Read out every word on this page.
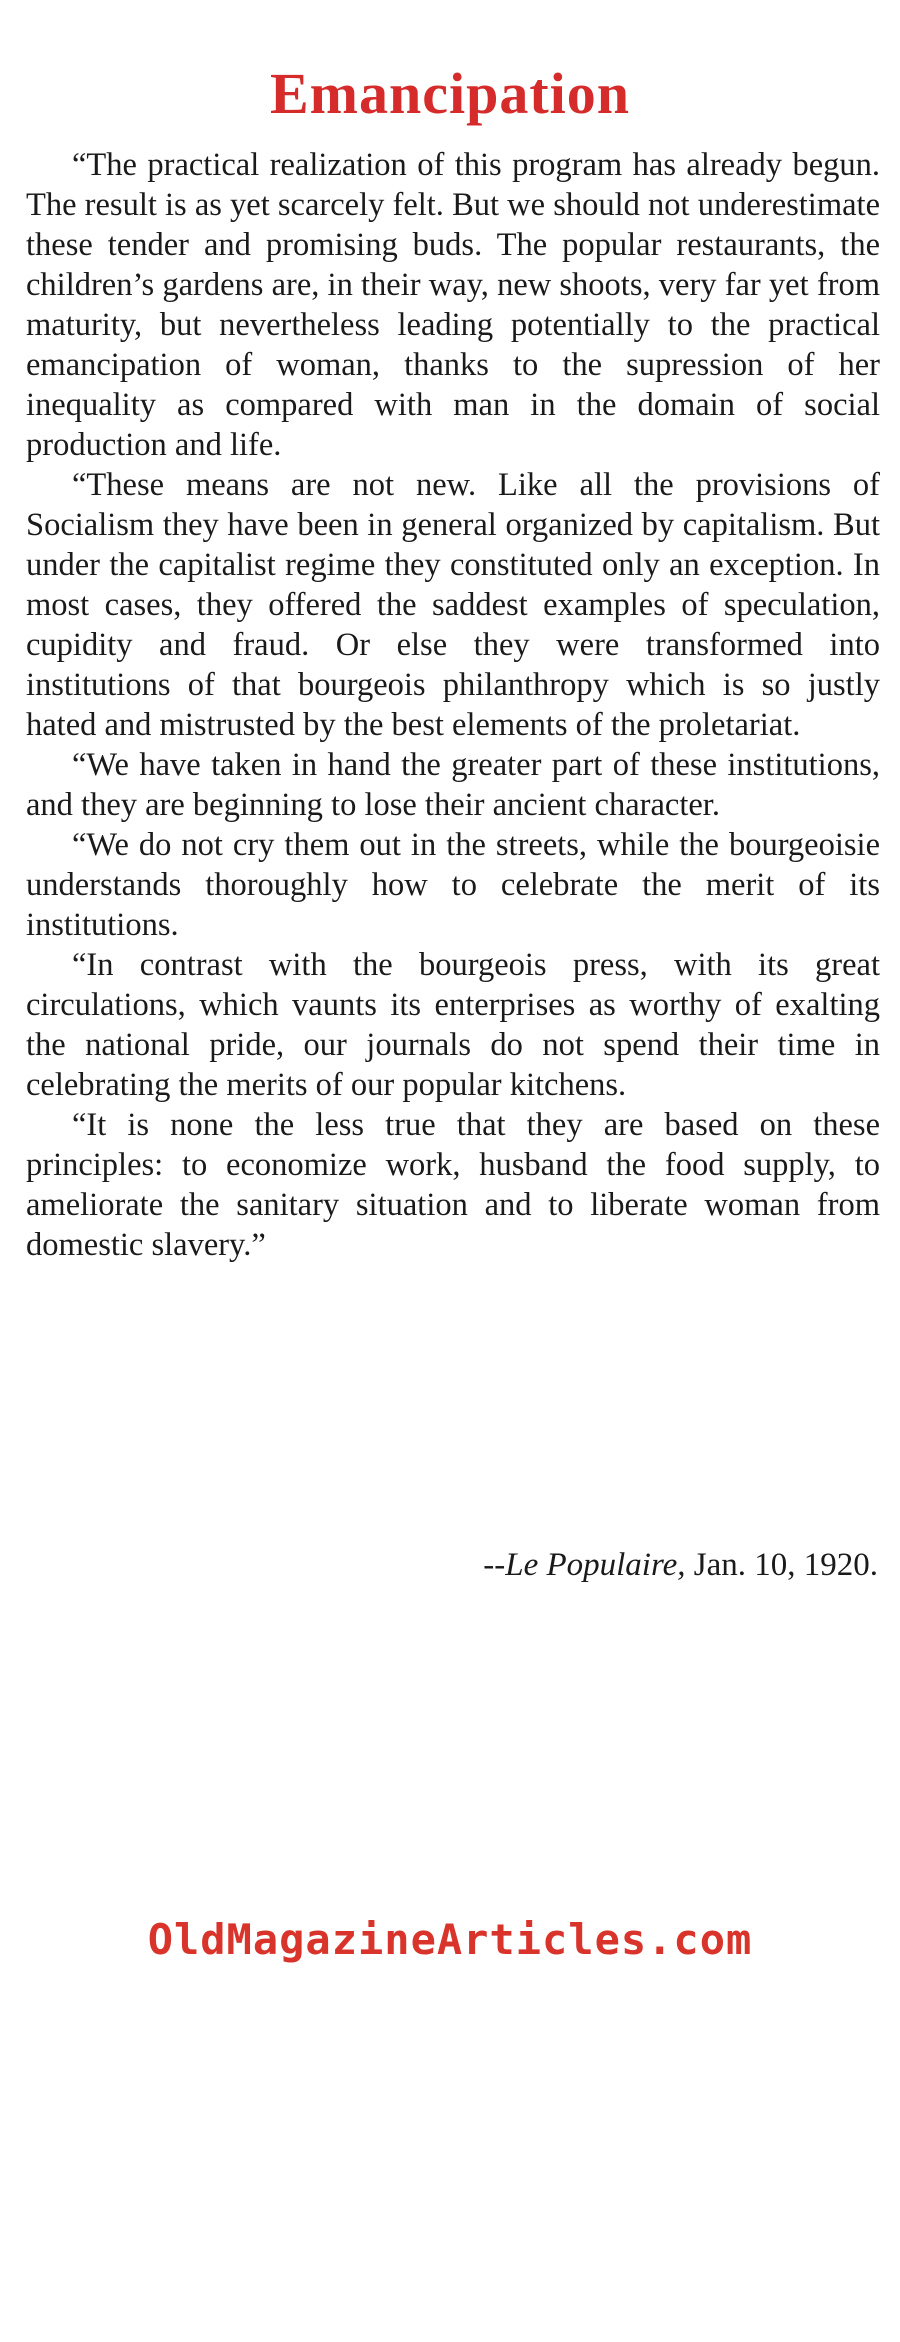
Emancipation

“The practical realization of this program has already begun. The result is as yet scarcely felt. But we should not underestimate these tender and promising buds. The popular restaurants, the children’s gardens are, in their way, new shoots, very far yet from maturity, but nevertheless leading potentially to the practical emancipation of woman, thanks to the supression of her inequality as compared with man in the domain of social production and life.

“These means are not new. Like all the provisions of Socialism they have been in general organized by capitalism. But under the capitalist regime they constituted only an exception. In most cases, they offered the saddest examples of speculation, cupidity and fraud. Or else they were transformed into institutions of that bourgeois philanthropy which is so justly hated and mistrusted by the best elements of the proletariat.

“We have taken in hand the greater part of these institutions, and they are beginning to lose their ancient character.

“We do not cry them out in the streets, while the bourgeoisie understands thoroughly how to celebrate the merit of its institutions.

“In contrast with the bourgeois press, with its great circulations, which vaunts its enterprises as worthy of exalting the national pride, our journals do not spend their time in celebrating the merits of our popular kitchens.

“It is none the less true that they are based on these principles: to economize work, husband the food supply, to ameliorate the sanitary situation and to liberate woman from domestic slavery.”

--Le Populaire, Jan. 10, 1920.
OldMagazineArticles.com
